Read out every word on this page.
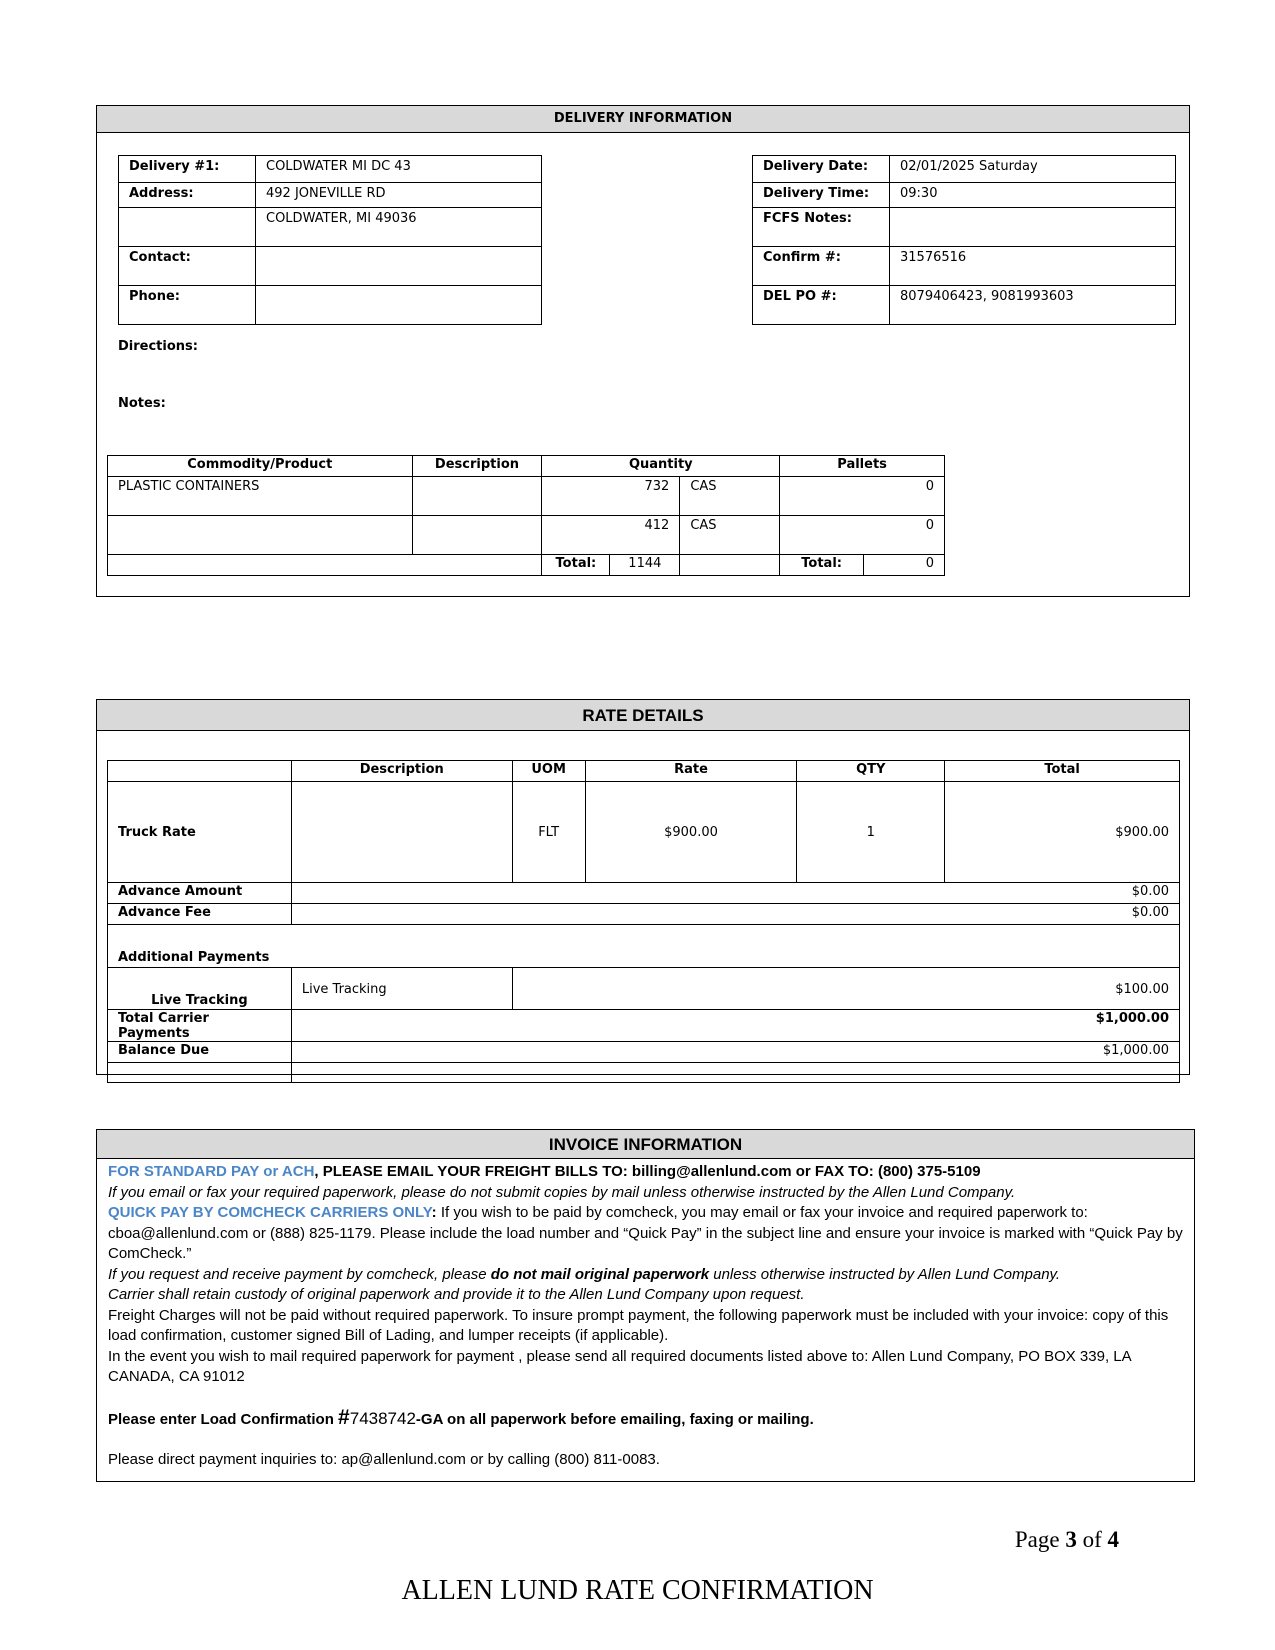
DELIVERY INFORMATION
Delivery #1:	COLDWATER MI DC 43
Address:	492 JONEVILLE RD
	COLDWATER, MI 49036
Contact:	
Phone:	
Delivery Date:	02/01/2025 Saturday
Delivery Time:	09:30
FCFS Notes:	
Confirm #:	31576516
DEL PO #:	8079406423, 9081993603
Directions:
Notes:
Commodity/Product	Description	Quantity			Pallets	
PLASTIC CONTAINERS		732		CAS	0	
		412		CAS	0	
		Total:	1144		Total:	0
RATE DETAILS
	Description	UOM	Rate	QTY	Total
Truck Rate		FLT	$900.00	1	$900.00
Advance Amount	$0.00				
Advance Fee	$0.00				
Additional Payments					
Live Tracking	Live Tracking	$100.00			
Total Carrier Payments	$1,000.00				
Balance Due	$1,000.00				

INVOICE INFORMATION

FOR STANDARD PAY or ACH, PLEASE EMAIL YOUR FREIGHT BILLS TO: billing@allenlund.com or FAX TO: (800) 375-5109

If you email or fax your required paperwork, please do not submit copies by mail unless otherwise instructed by the Allen Lund Company.

QUICK PAY BY COMCHECK CARRIERS ONLY: If you wish to be paid by comcheck, you may email or fax your invoice and required paperwork to: cboa@allenlund.com or (888) 825-1179. Please include the load number and “Quick Pay” in the subject line and ensure your invoice is marked with “Quick Pay by ComCheck.”

If you request and receive payment by comcheck, please do not mail original paperwork unless otherwise instructed by Allen Lund Company.

Carrier shall retain custody of original paperwork and provide it to the Allen Lund Company upon request.

Freight Charges will not be paid without required paperwork. To insure prompt payment, the following paperwork must be included with your invoice: copy of this load confirmation, customer signed Bill of Lading, and lumper receipts (if applicable).

In the event you wish to mail required paperwork for payment , please send all required documents listed above to: Allen Lund Company, PO BOX 339, LA CANADA, CA 91012

Please enter Load Confirmation #7438742-GA on all paperwork before emailing, faxing or mailing.

Please direct payment inquiries to: ap@allenlund.com or by calling (800) 811-0083.

Page 3 of 4
ALLEN LUND RATE CONFIRMATION
